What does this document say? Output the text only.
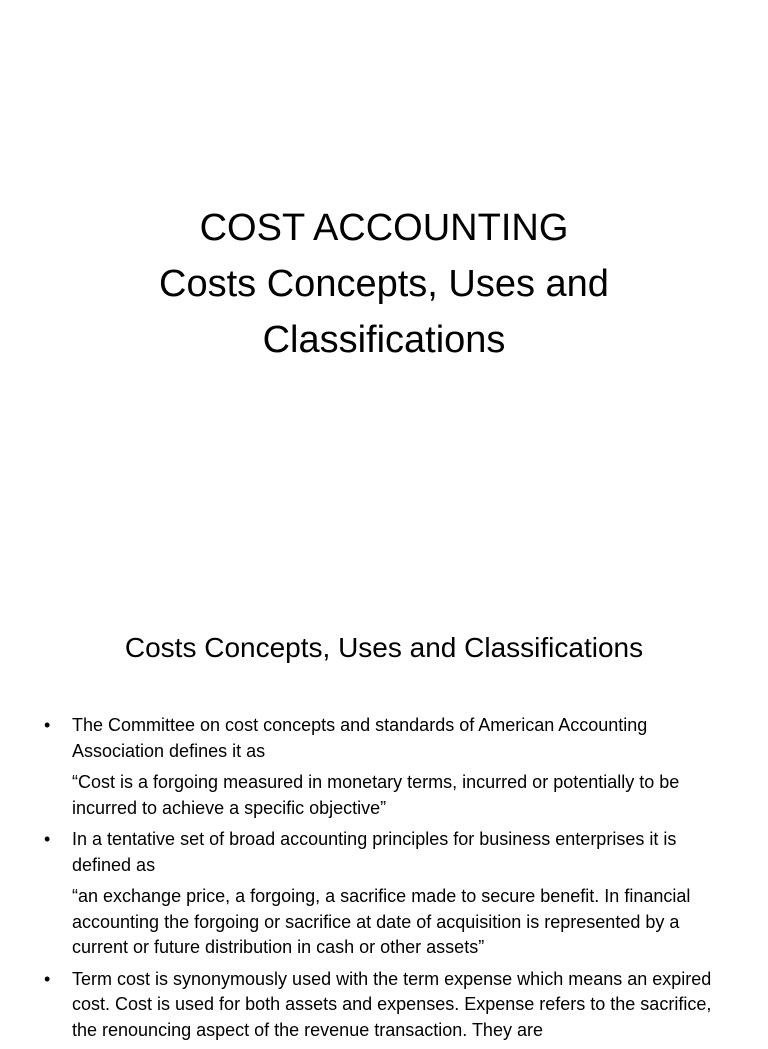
COST ACCOUNTING
Costs Concepts, Uses and
Classifications
Costs Concepts, Uses and Classifications
• The Committee on cost concepts and standards of American Accounting Association defines it as
“Cost is a forgoing measured in monetary terms, incurred or potentially to be incurred to achieve a specific objective”
• In a tentative set of broad accounting principles for business enterprises it is defined as
“an exchange price, a forgoing, a sacrifice made to secure benefit. In financial accounting the forgoing or sacrifice at date of acquisition is represented by a current or future distribution in cash or other assets”
• Term cost is synonymously used with the term expense which means an expired cost. Cost is used for both assets and expenses. Expense refers to the sacrifice, the renouncing aspect of the revenue transaction. They are
